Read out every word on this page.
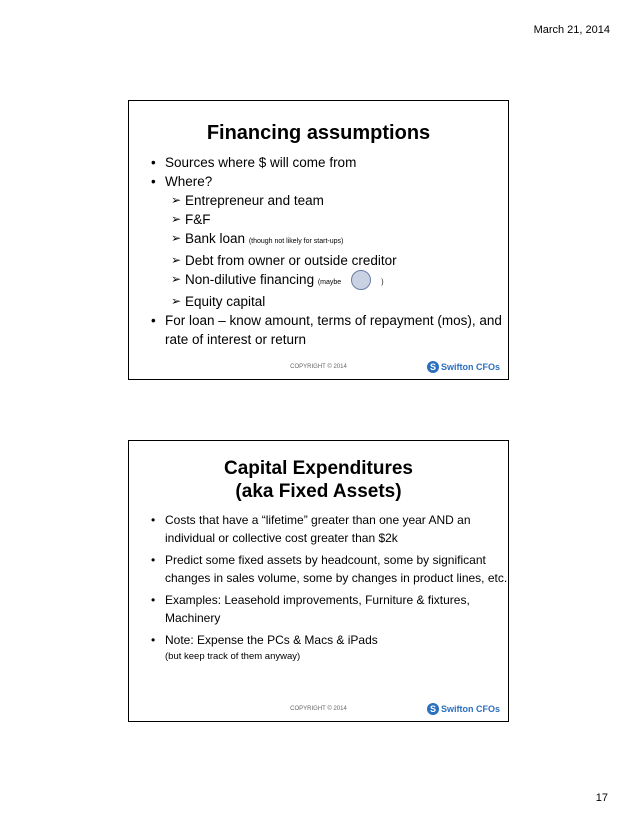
March 21, 2014
Financing assumptions
• Sources where $ will come from
• Where?
➢ Entrepreneur and team
➢ F&F
➢ Bank loan (though not likely for start-ups)
➢ Debt from owner or outside creditor
➢ Non-dilutive financing (maybe	)
➢ Equity capital
• For loan – know amount, terms of repayment (mos), and rate of interest or return
COPYRIGHT © 2014	S Swifton CFOs
Capital Expenditures
(aka Fixed Assets)
• Costs that have a “lifetime” greater than one year AND an individual or collective cost greater than $2k
• Predict some fixed assets by headcount, some by significant changes in sales volume, some by changes in product lines, etc.
• Examples: Leasehold improvements, Furniture & fixtures, Machinery
• Note: Expense the PCs & Macs & iPads
(but keep track of them anyway)
COPYRIGHT © 2014	S Swifton CFOs
17
